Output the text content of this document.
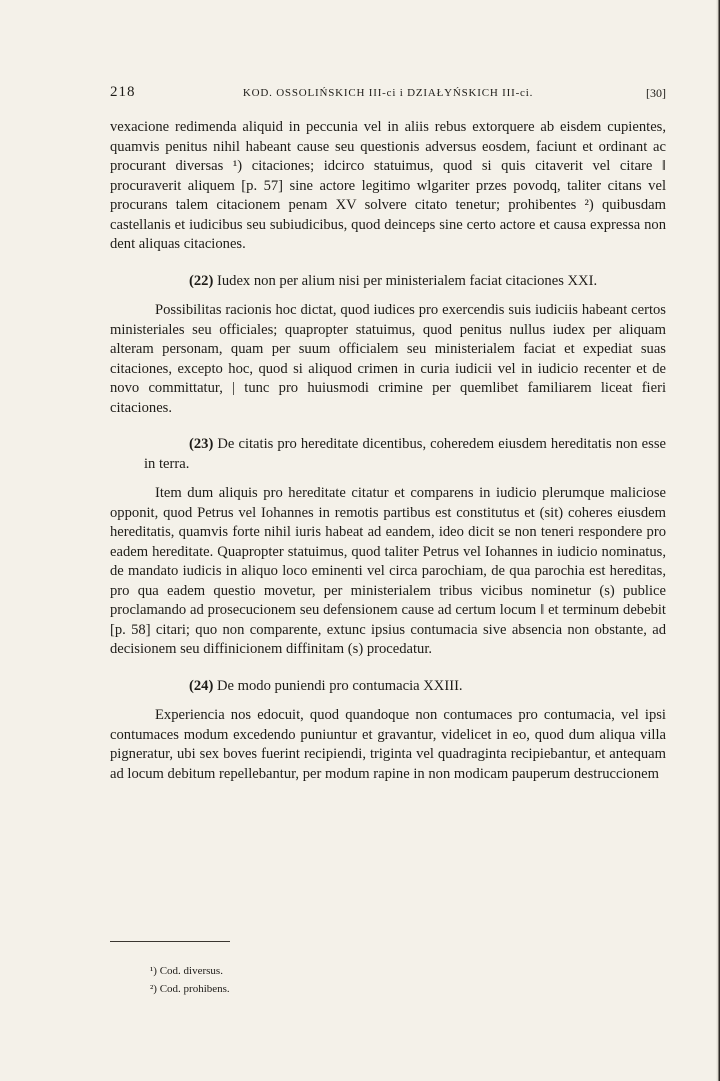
218	KOD. OSSOLIŃSKICH III-ci i DZIAŁYŃSKICH III-ci.	[30]

vexacione redimenda aliquid in peccunia vel in aliis rebus extorquere ab eisdem cupientes, quamvis penitus nihil habeant cause seu questionis adversus eosdem, faciunt et ordinant ac procurant diversas ¹) citaciones; idcirco statuimus, quod si quis citaverit vel citare ‖ procuraverit aliquem [p. 57] sine actore legitimo wlgariter przes povodq, taliter citans vel procurans talem citacionem penam XV solvere citato tenetur; prohibentes ²) quibusdam castellanis et iudicibus seu subiudicibus, quod deinceps sine certo actore et causa expressa non dent aliquas citaciones.

(22) Iudex non per alium nisi per ministerialem faciat citaciones XXI.

Possibilitas racionis hoc dictat, quod iudices pro exercendis suis iudiciis habeant certos ministeriales seu officiales; quapropter statuimus, quod penitus nullus iudex per aliquam alteram personam, quam per suum officialem seu ministerialem faciat et expediat suas citaciones, excepto hoc, quod si aliquod crimen in curia iudicii vel in iudicio recenter et de novo committatur, | tunc pro huiusmodi crimine per quemlibet familiarem liceat fieri citaciones.

(23) De citatis pro hereditate dicentibus, coheredem eiusdem hereditatis non esse in terra.

Item dum aliquis pro hereditate citatur et comparens in iudicio plerumque maliciose opponit, quod Petrus vel Iohannes in remotis partibus est constitutus et (sit) coheres eiusdem hereditatis, quamvis forte nihil iuris habeat ad eandem, ideo dicit se non teneri respondere pro eadem hereditate. Quapropter statuimus, quod taliter Petrus vel Iohannes in iudicio nominatus, de mandato iudicis in aliquo loco eminenti vel circa parochiam, de qua parochia est hereditas, pro qua eadem questio movetur, per ministerialem tribus vicibus nominetur (s) publice proclamando ad prosecucionem seu defensionem cause ad certum locum ‖ et terminum debebit [p. 58] citari; quo non comparente, extunc ipsius contumacia sive absencia non obstante, ad decisionem seu diffinicionem diffinitam (s) procedatur.

(24) De modo puniendi pro contumacia XXIII.

Experiencia nos edocuit, quod quandoque non contumaces pro contumacia, vel ipsi contumaces modum excedendo puniuntur et gravantur, videlicet in eo, quod dum aliqua villa pigneratur, ubi sex boves fuerint recipiendi, triginta vel quadraginta recipiebantur, et antequam ad locum debitum repellebantur, per modum rapine in non modicam pauperum destruccionem

¹) Cod. diversus.
²) Cod. prohibens.
